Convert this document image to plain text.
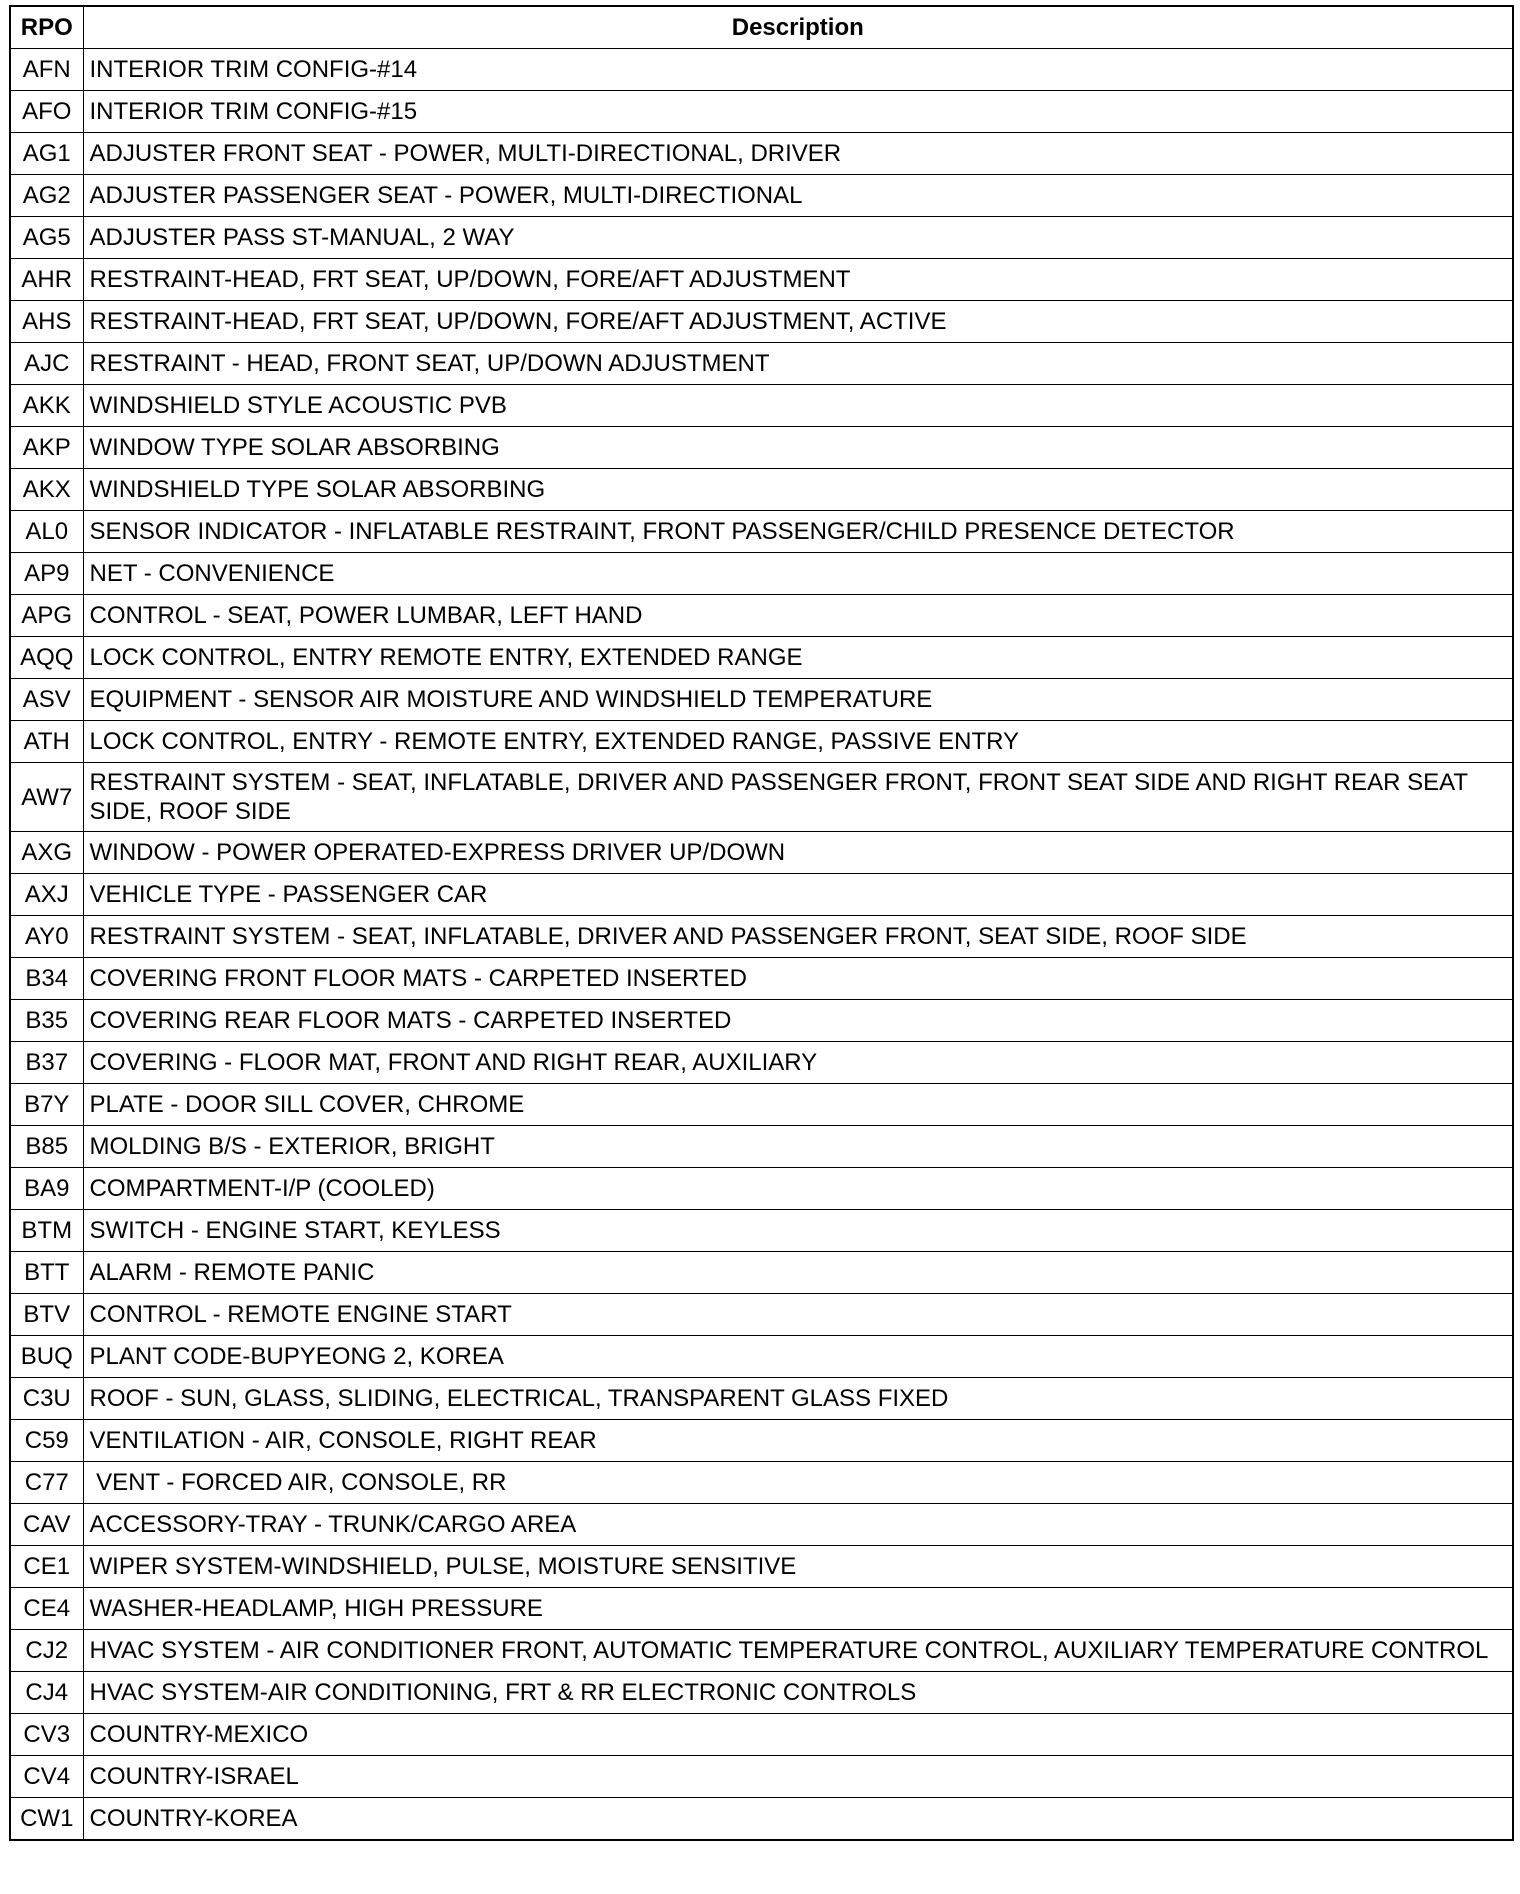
RPO	Description
AFN	INTERIOR TRIM CONFIG-#14
AFO	INTERIOR TRIM CONFIG-#15
AG1	ADJUSTER FRONT SEAT - POWER, MULTI-DIRECTIONAL, DRIVER
AG2	ADJUSTER PASSENGER SEAT - POWER, MULTI-DIRECTIONAL
AG5	ADJUSTER PASS ST-MANUAL, 2 WAY
AHR	RESTRAINT-HEAD, FRT SEAT, UP/DOWN, FORE/AFT ADJUSTMENT
AHS	RESTRAINT-HEAD, FRT SEAT, UP/DOWN, FORE/AFT ADJUSTMENT, ACTIVE
AJC	RESTRAINT - HEAD, FRONT SEAT, UP/DOWN ADJUSTMENT
AKK	WINDSHIELD STYLE ACOUSTIC PVB
AKP	WINDOW TYPE SOLAR ABSORBING
AKX	WINDSHIELD TYPE SOLAR ABSORBING
AL0	SENSOR INDICATOR - INFLATABLE RESTRAINT, FRONT PASSENGER/CHILD PRESENCE DETECTOR
AP9	NET - CONVENIENCE
APG	CONTROL - SEAT, POWER LUMBAR, LEFT HAND
AQQ	LOCK CONTROL, ENTRY REMOTE ENTRY, EXTENDED RANGE
ASV	EQUIPMENT - SENSOR AIR MOISTURE AND WINDSHIELD TEMPERATURE
ATH	LOCK CONTROL, ENTRY - REMOTE ENTRY, EXTENDED RANGE, PASSIVE ENTRY
AW7	RESTRAINT SYSTEM - SEAT, INFLATABLE, DRIVER AND PASSENGER FRONT, FRONT SEAT SIDE AND RIGHT REAR SEAT SIDE, ROOF SIDE
AXG	WINDOW - POWER OPERATED-EXPRESS DRIVER UP/DOWN
AXJ	VEHICLE TYPE - PASSENGER CAR
AY0	RESTRAINT SYSTEM - SEAT, INFLATABLE, DRIVER AND PASSENGER FRONT, SEAT SIDE, ROOF SIDE
B34	COVERING FRONT FLOOR MATS - CARPETED INSERTED
B35	COVERING REAR FLOOR MATS - CARPETED INSERTED
B37	COVERING - FLOOR MAT, FRONT AND RIGHT REAR, AUXILIARY
B7Y	PLATE - DOOR SILL COVER, CHROME
B85	MOLDING B/S - EXTERIOR, BRIGHT
BA9	COMPARTMENT-I/P (COOLED)
BTM	SWITCH - ENGINE START, KEYLESS
BTT	ALARM - REMOTE PANIC
BTV	CONTROL - REMOTE ENGINE START
BUQ	PLANT CODE-BUPYEONG 2, KOREA
C3U	ROOF - SUN, GLASS, SLIDING, ELECTRICAL, TRANSPARENT GLASS FIXED
C59	VENTILATION - AIR, CONSOLE, RIGHT REAR
C77	VENT - FORCED AIR, CONSOLE, RR
CAV	ACCESSORY-TRAY - TRUNK/CARGO AREA
CE1	WIPER SYSTEM-WINDSHIELD, PULSE, MOISTURE SENSITIVE
CE4	WASHER-HEADLAMP, HIGH PRESSURE
CJ2	HVAC SYSTEM - AIR CONDITIONER FRONT, AUTOMATIC TEMPERATURE CONTROL, AUXILIARY TEMPERATURE CONTROL
CJ4	HVAC SYSTEM-AIR CONDITIONING, FRT & RR ELECTRONIC CONTROLS
CV3	COUNTRY-MEXICO
CV4	COUNTRY-ISRAEL
CW1	COUNTRY-KOREA
